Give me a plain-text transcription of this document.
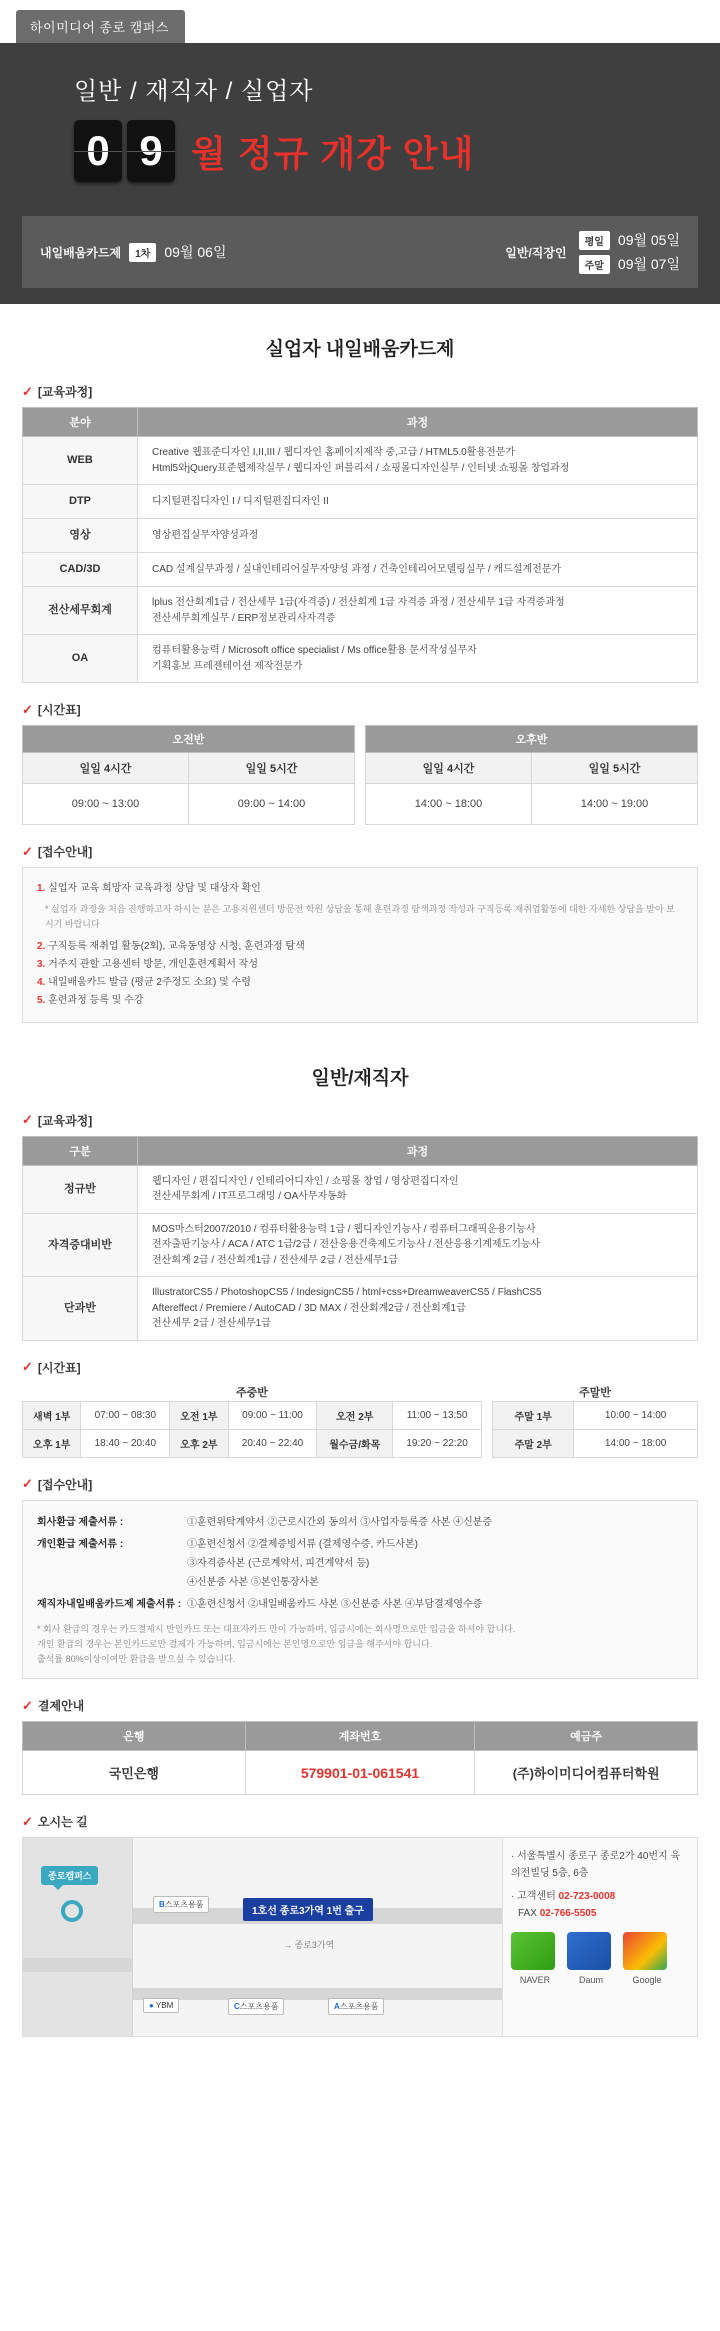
하이미디어 종로 캠퍼스
일반 / 재직자 / 실업자
0 9 월 정규 개강 안내
내일배움카드제	1차	09월 06일	일반/직장인
평일	09월 05일
주말	09월 07일
실업자 내일배움카드제
✓ [교육과정]
분야	과정
WEB	Creative 웹표준디자인 I,II,III / 웹디자인 홈페이지제작 중,고급 / HTML5.0활용전문가
Html5와jQuery표준웹제작실무 / 웹디자인 퍼블리셔 / 쇼핑몰디자인실무 / 인터넷 쇼핑몰 창업과정

DTP	디지털편집디자인 I / 디지털편집디자인 II

영상	영상편집실무자양성과정

CAD/3D	CAD 설계실무과정 / 실내인테리어실무자양성 과정 / 건축인테리어모델링실무 / 캐드설계전문가

전산세무회계	lplus 전산회계1급 / 전산세무 1급(자격증) / 전산회계 1급 자격증 과정 / 전산세무 1급 자격증과정
전산세무회계실무 / ERP정보관리사자격증

OA	컴퓨터활용능력 / Microsoft office specialist / Ms office활용 문서작성실무자
기획홍보 프레젠테이션 제작전문가
✓ [시간표]
오전반	
일일 4시간	일일 5시간
09:00 ~ 13:00	09:00 ~ 14:00
오후반	
일일 4시간	일일 5시간
14:00 ~ 18:00	14:00 ~ 19:00
✓ [접수안내]
1. 실업자 교육 희망자 교육과정 상담 및 대상자 확인
* 실업자 과정을 처음 진행하고자 하시는 분은 고용지원센터 방문전 학원 상담을 통해 훈련과정 탐색과정 작성과 구직등록 재취업활동에 대한 자세한 상담을 받아 보시기 바랍니다
2. 구직등록 재취업 활동(2회), 교육동영상 시청, 훈련과정 탐색
3. 거주지 관할 고용센터 방문, 개인훈련계획서 작성
4. 내일배움카드 발급 (평균 2주정도 소요) 및 수령
5. 훈련과정 등록 및 수강
일반/재직자
✓ [교육과정]
구분	과정
정규반	웹디자인 / 편집디자인 / 인테리어디자인 / 쇼핑몰 창업 / 영상편집디자인
전산세무회계 / IT프로그래밍 / OA사무자동화

자격증대비반	MOS마스터2007/2010 / 컴퓨터활용능력 1급 / 웹디자인기능사 / 컴퓨터그래픽운용기능사
전자출판기능사 / ACA / ATC 1급/2급 / 전산응용건축제도기능사 / 전산응용기계제도기능사
전산회계 2급 / 전산회계1급 / 전산세무 2급 / 전산세무1급

단과반	IllustratorCS5 / PhotoshopCS5 / IndesignCS5 / html+css+DreamweaverCS5 / FlashCS5
Aftereffect / Premiere / AutoCAD / 3D MAX / 전산회계2급 / 전산회계1급
전산세무 2급 / 전산세무1급
✓ [시간표]
주중반					
새벽 1부	07:00 ~ 08:30	오전 1부	09:00 ~ 11:00	오전 2부	11:00 ~ 13:50
오후 1부	18:40 ~ 20:40	오후 2부	20:40 ~ 22:40	월수금/화목	19:20 ~ 22:20
주말반	
주말 1부	10:00 ~ 14:00
주말 2부	14:00 ~ 18:00
✓ [접수안내]
회사환급 제출서류 :	①훈련위탁계약서 ②근로시간외 동의서 ③사업자등록증 사본 ④신분증
개인환급 제출서류 :	①훈련신청서 ②결제증빙서류 (결제영수증, 카드사본)
③자격증사본 (근로계약서, 피견계약서 등)
④신분증 사본 ⑤본인통장사본
재직자내일배움카드제 제출서류 : ①훈련신청서 ②내일배움카드 사본 ③신분증 사본 ④부담결제영수증
* 회사 환급의 경우는 카드결제시 반인카드 또는 대표자카드 만이 가능하며, 입금시에는 회사명으로만 입금을 하셔야 합니다.
개인 환급의 경우는 본인카드로만 결제가 가능하며, 입금시에는 본인명으로만 입금을 해주셔야 합니다.
출석률 80%이상이여만 환급을 받으실 수 있습니다.
✓ 결제안내
은행	계좌번호	예금주
국민은행	579901-01-061541	(주)하이미디어컴퓨터학원
✓ 오시는 길
종로캠퍼스
B스포츠용품
1호선 종로3가역 1번 출구
→ 종로3가역
● YBM	C스포츠용품	A스포츠용품
· 서울특별시 종로구 종로2가 40번지 육의전빌딩 5층, 6층
· 고객센터 02-723-0008
FAX 02-766-5505
NAVER	Daum	Google
